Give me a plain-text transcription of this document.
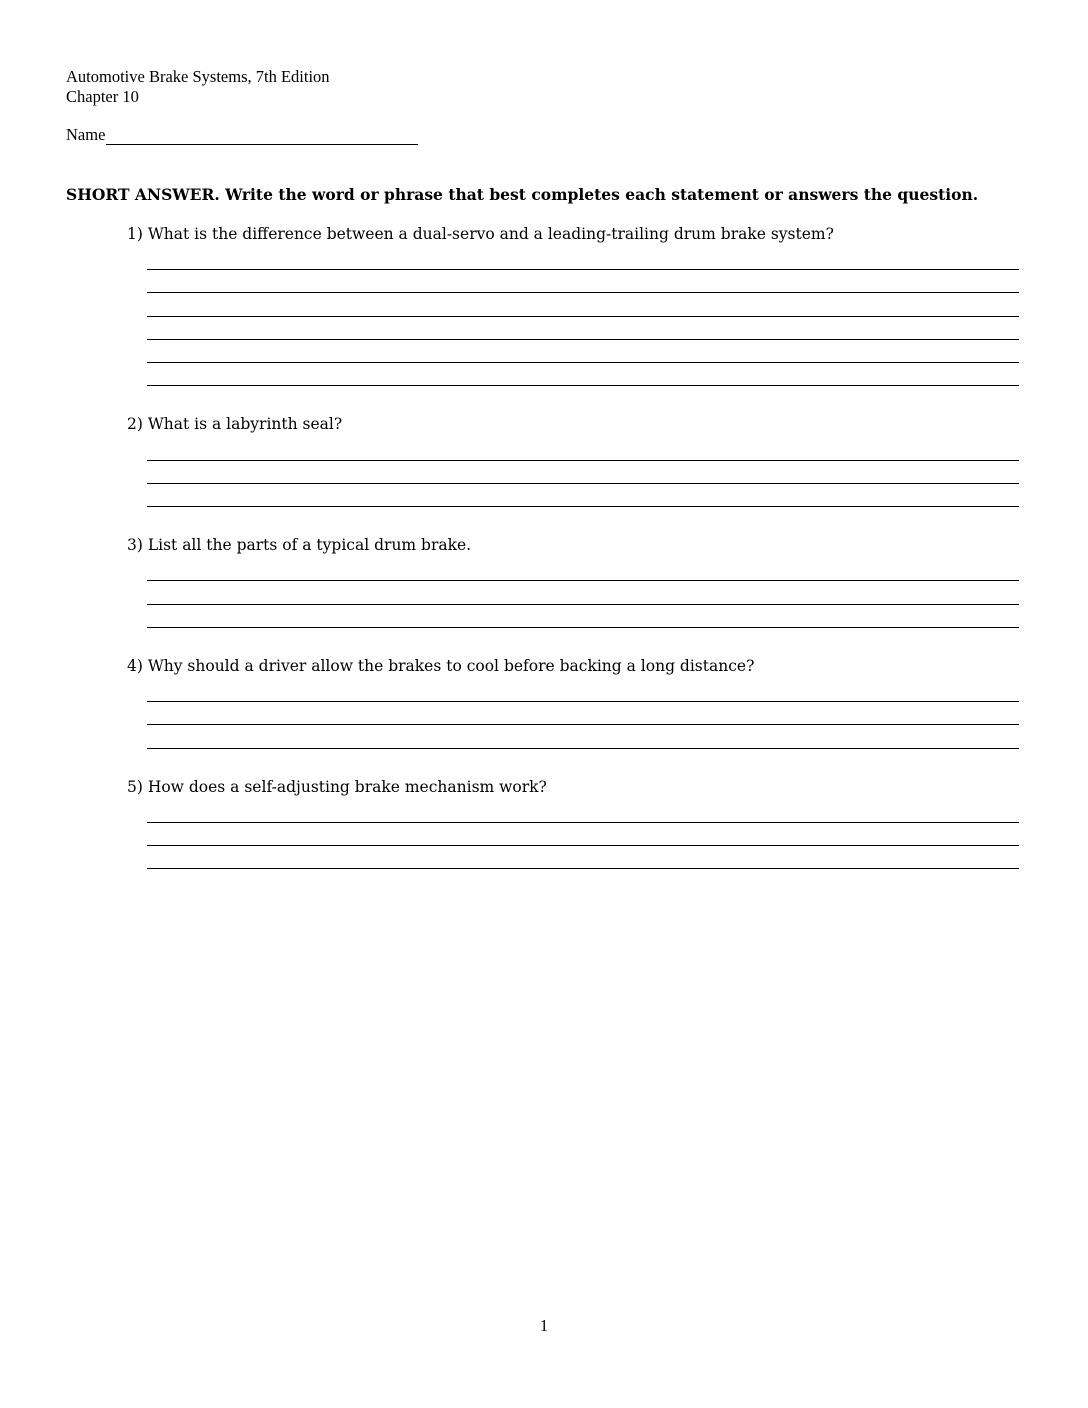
Automotive Brake Systems, 7th Edition
Chapter 10
Name
SHORT ANSWER. Write the word or phrase that best completes each statement or answers the question.
1) What is the difference between a dual-servo and a leading-trailing drum brake system?
2) What is a labyrinth seal?
3) List all the parts of a typical drum brake.
4) Why should a driver allow the brakes to cool before backing a long distance?
5) How does a self-adjusting brake mechanism work?
1
